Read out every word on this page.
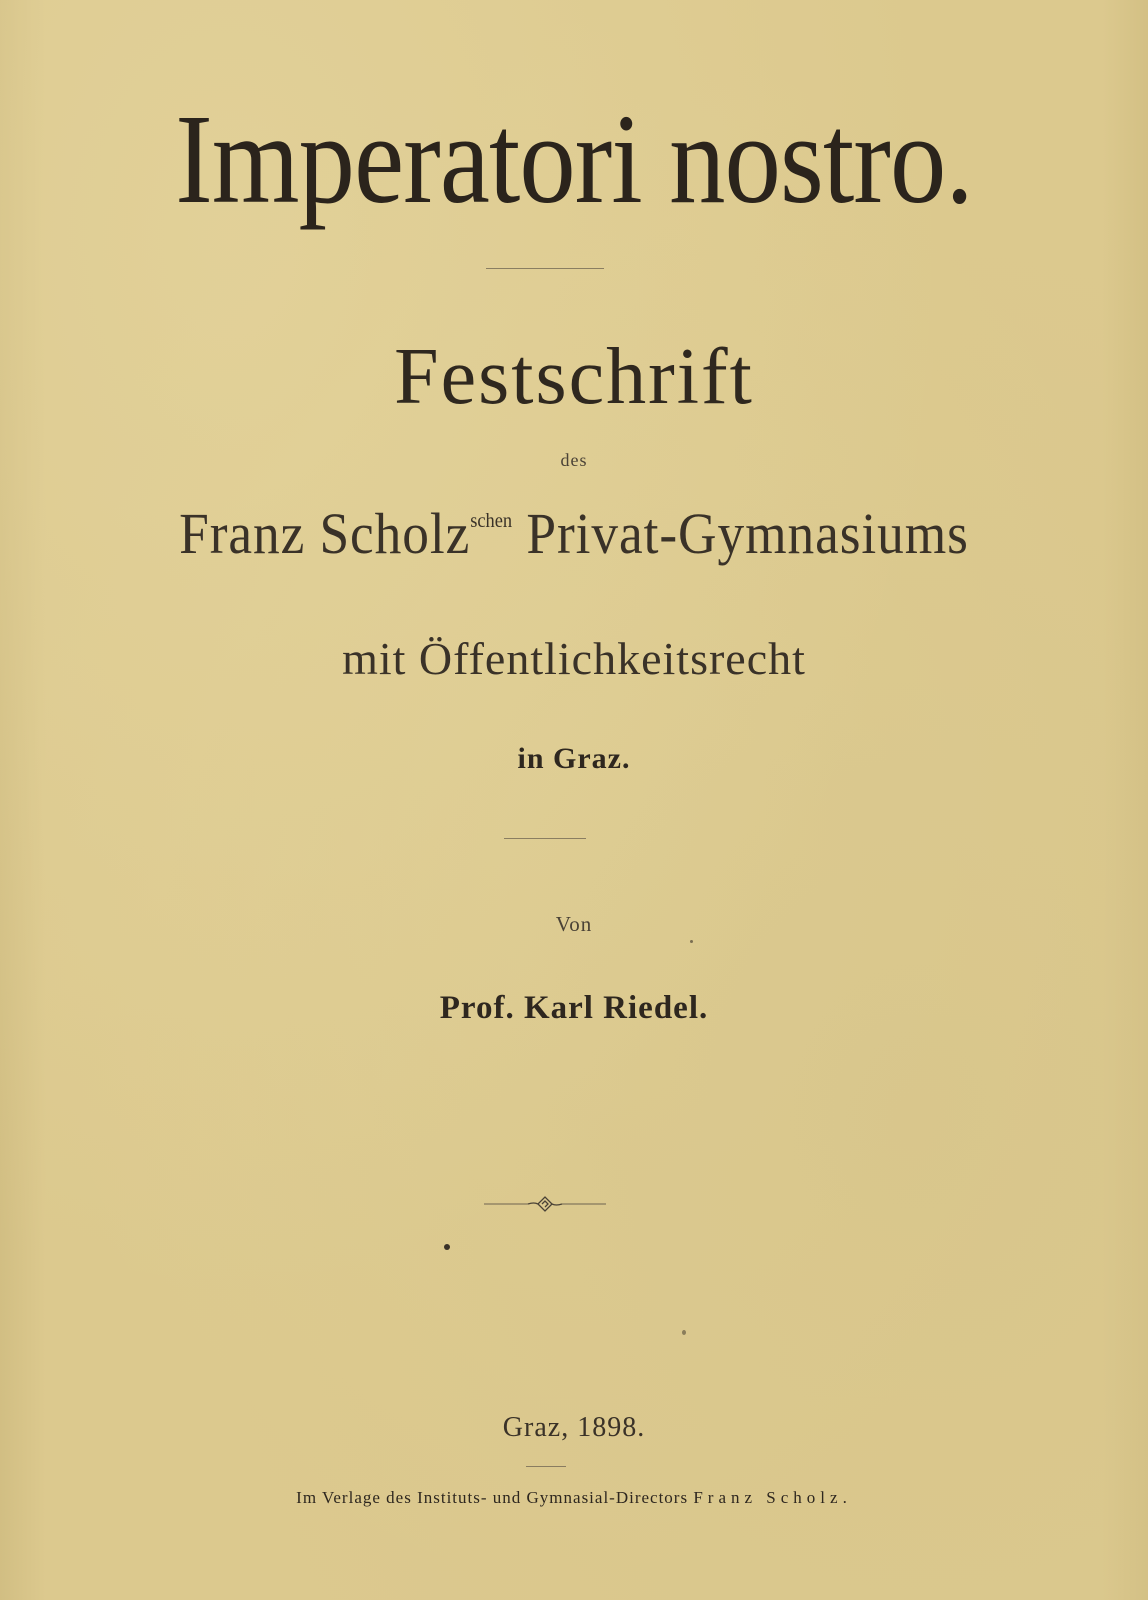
Imperatori nostro.
Festschrift
des
Franz Scholz$^{schen}$ Privat-Gymnasiums
mit Öffentlichkeitsrecht
in Graz.
Von
Prof. Karl Riedel.
Graz, 1898.
Im Verlage des Instituts- und Gymnasial-Directors Franz Scholz.
